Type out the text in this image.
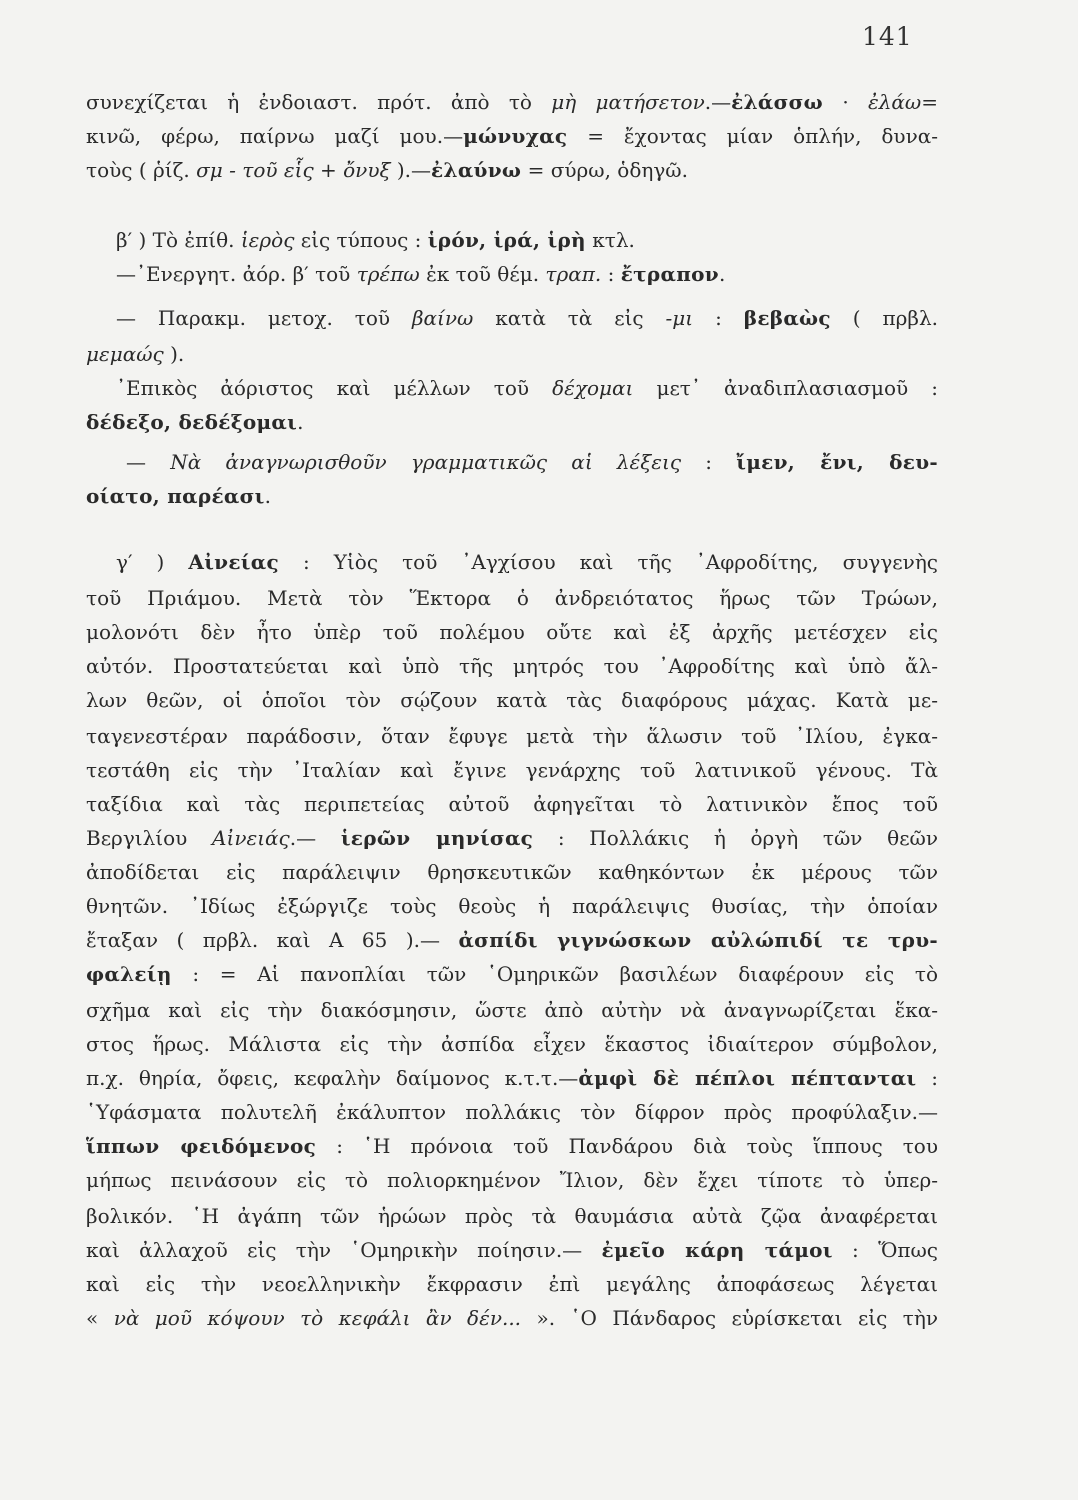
141
συνεχίζεται ἡ ἐνδοιαστ. πρότ. ἀπὸ τὸ μὴ ματήσετον.—ἐλάσσω · ἐλάω=
κινῶ, φέρω, παίρνω μαζί μου.—μώνυχας = ἔχοντας μίαν ὁπλήν, δυνα-
τοὺς ( ῥίζ. σμ - τοῦ εἷς + ὄνυξ ).—ἐλαύνω = σύρω, ὁδηγῶ.
β′ ) Τὸ ἐπίθ. ἱερὸς εἰς τύπους : ἱρόν, ἱρά, ἱρὴ κτλ.
—᾿Ενεργητ. ἀόρ. β′ τοῦ τρέπω ἐκ τοῦ θέμ. τραπ. : ἔτραπον.
— Παρακμ. μετοχ. τοῦ βαίνω κατὰ τὰ εἰς -μι : βεβαὼς ( πρβλ.
μεμαώς ).
᾿Επικὸς ἀόριστος καὶ μέλλων τοῦ δέχομαι μετ᾿ ἀναδιπλασιασμοῦ :
δέδεξο, δεδέξομαι.
— Νὰ ἀναγνωρισθοῦν γραμματικῶς αἱ λέξεις : ἴμεν, ἔνι, δευ-
οίατο, παρέασι.
γ′ ) Αἰνείας : Υἱὸς τοῦ ᾿Αγχίσου καὶ τῆς ᾿Αφροδίτης, συγγενὴς
τοῦ Πριάμου. Μετὰ τὸν Ἕκτορα ὁ ἀνδρειότατος ἥρως τῶν Τρώων,
μολονότι δὲν ἦτο ὑπὲρ τοῦ πολέμου οὔτε καὶ ἐξ ἀρχῆς μετέσχεν εἰς
αὐτόν. Προστατεύεται καὶ ὑπὸ τῆς μητρός του ᾿Αφροδίτης καὶ ὑπὸ ἄλ-
λων θεῶν, οἱ ὁποῖοι τὸν σῴζουν κατὰ τὰς διαφόρους μάχας. Κατὰ με-
ταγενεστέραν παράδοσιν, ὅταν ἔφυγε μετὰ τὴν ἅλωσιν τοῦ ᾿Ιλίου, ἐγκα-
τεστάθη εἰς τὴν ᾿Ιταλίαν καὶ ἔγινε γενάρχης τοῦ λατινικοῦ γένους. Τὰ
ταξίδια καὶ τὰς περιπετείας αὐτοῦ ἀφηγεῖται τὸ λατινικὸν ἔπος τοῦ
Βεργιλίου Αἰνειάς.— ἱερῶν μηνίσας : Πολλάκις ἡ ὀργὴ τῶν θεῶν
ἀποδίδεται εἰς παράλειψιν θρησκευτικῶν καθηκόντων ἐκ μέρους τῶν
θνητῶν. ᾿Ιδίως ἐξώργιζε τοὺς θεοὺς ἡ παράλειψις θυσίας, τὴν ὁποίαν
ἔταξαν ( πρβλ. καὶ Α 65 ).— ἀσπίδι γιγνώσκων αὐλώπιδί τε τρυ-
φαλείῃ : = Αἱ πανοπλίαι τῶν ῾Ομηρικῶν βασιλέων διαφέρουν εἰς τὸ
σχῆμα καὶ εἰς τὴν διακόσμησιν, ὥστε ἀπὸ αὐτὴν νὰ ἀναγνωρίζεται ἕκα-
στος ἥρως. Μάλιστα εἰς τὴν ἀσπίδα εἶχεν ἕκαστος ἰδιαίτερον σύμβολον,
π.χ. θηρία, ὄφεις, κεφαλὴν δαίμονος κ.τ.τ.—ἀμφὶ δὲ πέπλοι πέπτανται :
῾Υφάσματα πολυτελῆ ἐκάλυπτον πολλάκις τὸν δίφρον πρὸς προφύλαξιν.—
ἵππων φειδόμενος : ῾Η πρόνοια τοῦ Πανδάρου διὰ τοὺς ἵππους του
μήπως πεινάσουν εἰς τὸ πολιορκημένον Ἴλιον, δὲν ἔχει τίποτε τὸ ὑπερ-
βολικόν. ῾Η ἀγάπη τῶν ἡρώων πρὸς τὰ θαυμάσια αὐτὰ ζῷα ἀναφέρεται
καὶ ἀλλαχοῦ εἰς τὴν ῾Ομηρικὴν ποίησιν.— ἐμεῖο κάρη τάμοι : Ὅπως
καὶ εἰς τὴν νεοελληνικὴν ἔκφρασιν ἐπὶ μεγάλης ἀποφάσεως λέγεται
« νὰ μοῦ κόψουν τὸ κεφάλι ἂν δέν... ». ῾Ο Πάνδαρος εὑρίσκεται εἰς τὴν
